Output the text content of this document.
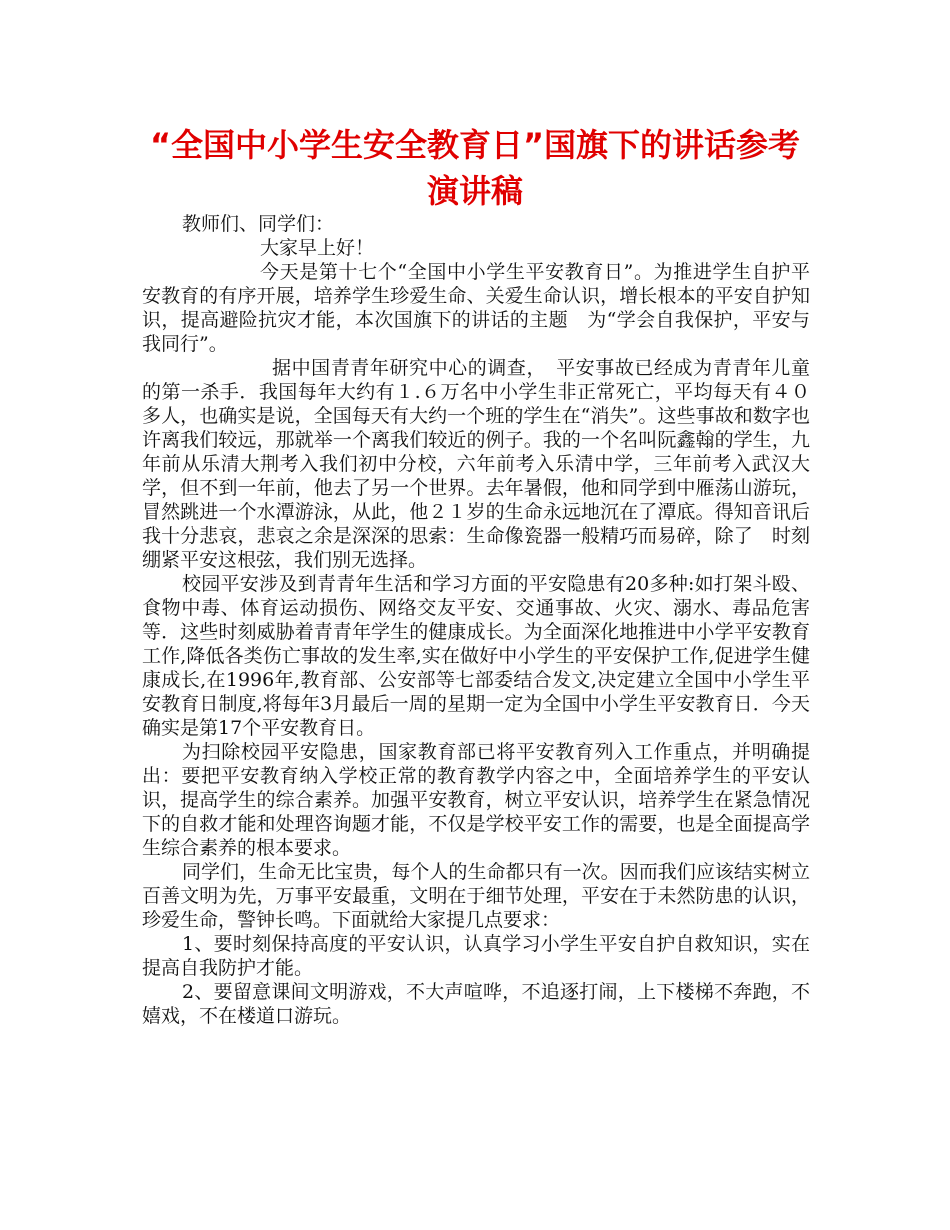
“全国中小学生安全教育日”国旗下的讲话参考演讲稿

教师们、同学们：

大家早上好！

今天是第十七个“全国中小学生平安教育日”。为推进学生自护平安教育的有序开展，培养学生珍爱生命、关爱生命认识，增长根本的平安自护知识，提高避险抗灾才能，本次国旗下的讲话的主题　为“学会自我保护，平安与我同行”。

据中国青青年研究中心的调查，　平安事故已经成为青青年儿童的第一杀手．我国每年大约有１.６万名中小学生非正常死亡，平均每天有４０多人，也确实是说，全国每天有大约一个班的学生在“消失”。这些事故和数字也许离我们较远，那就举一个离我们较近的例子。我的一个名叫阮鑫翰的学生，九年前从乐清大荆考入我们初中分校，六年前考入乐清中学，三年前考入武汉大学，但不到一年前，他去了另一个世界。去年暑假，他和同学到中雁荡山游玩，冒然跳进一个水潭游泳，从此，他２１岁的生命永远地沉在了潭底。得知音讯后我十分悲哀，悲哀之余是深深的思索：生命像瓷器一般精巧而易碎，除了　时刻绷紧平安这根弦，我们别无选择。

校园平安涉及到青青年生活和学习方面的平安隐患有20多种:如打架斗殴、食物中毒、体育运动损伤、网络交友平安、交通事故、火灾、溺水、毒品危害等．这些时刻威胁着青青年学生的健康成长。为全面深化地推进中小学平安教育工作,降低各类伤亡事故的发生率,实在做好中小学生的平安保护工作,促进学生健康成长,在1996年,教育部、公安部等七部委结合发文,决定建立全国中小学生平安教育日制度,将每年3月最后一周的星期一定为全国中小学生平安教育日．今天确实是第17个平安教育日。

为扫除校园平安隐患，国家教育部已将平安教育列入工作重点，并明确提出：要把平安教育纳入学校正常的教育教学内容之中，全面培养学生的平安认识，提高学生的综合素养。加强平安教育，树立平安认识，培养学生在紧急情况下的自救才能和处理咨询题才能，不仅是学校平安工作的需要，也是全面提高学生综合素养的根本要求。

同学们，生命无比宝贵，每个人的生命都只有一次。因而我们应该结实树立百善文明为先，万事平安最重，文明在于细节处理，平安在于未然防患的认识，珍爱生命，警钟长鸣。下面就给大家提几点要求：

1、要时刻保持高度的平安认识，认真学习小学生平安自护自救知识，实在提高自我防护才能。

2、要留意课间文明游戏，不大声喧哗，不追逐打闹，上下楼梯不奔跑，不嬉戏，不在楼道口游玩。
